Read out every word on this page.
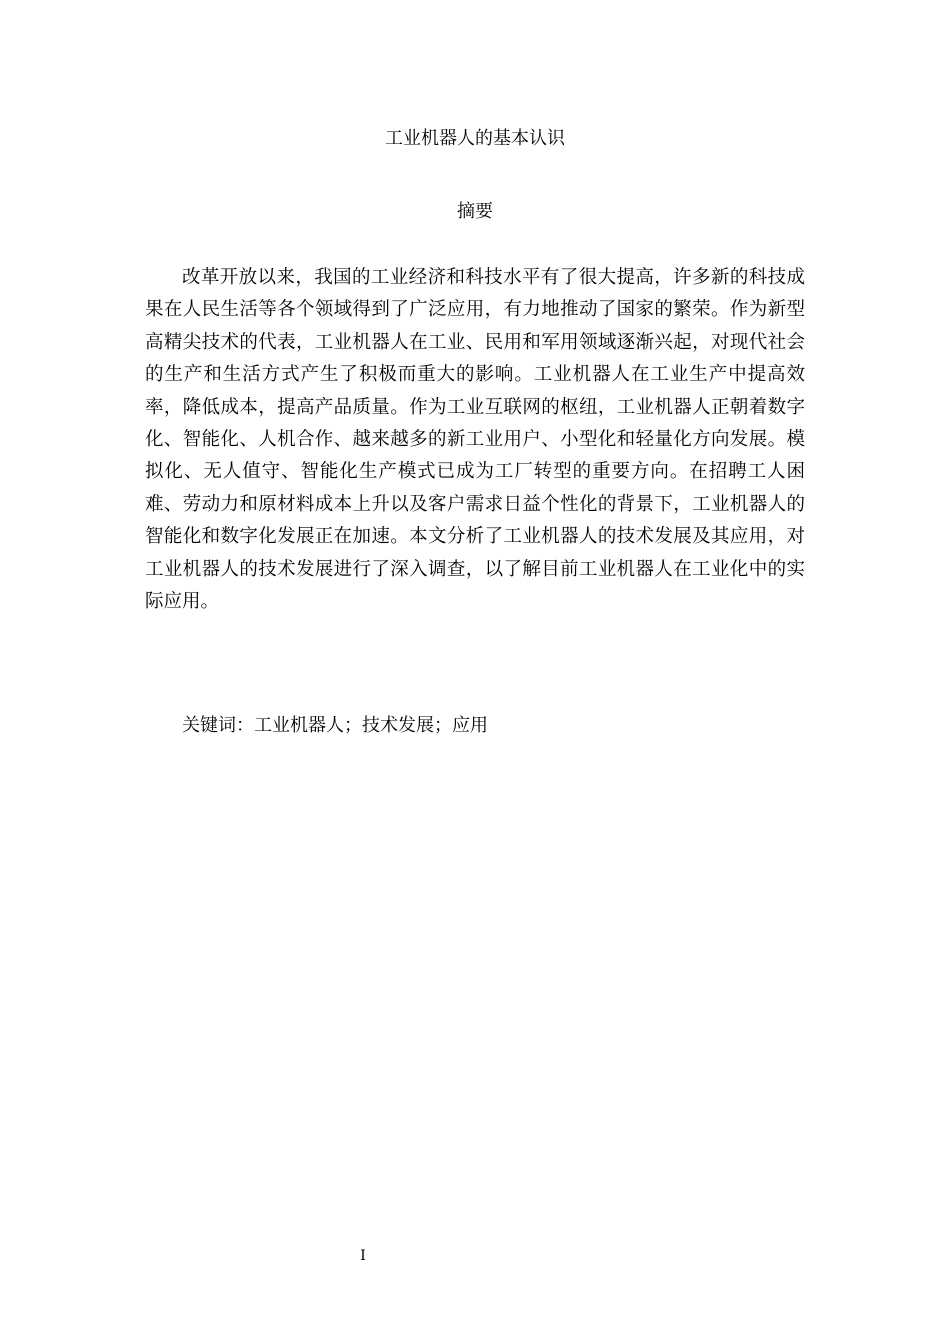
工业机器人的基本认识
摘要

改革开放以来，我国的工业经济和科技水平有了很大提高，许多新的科技成果在人民生活等各个领域得到了广泛应用，有力地推动了国家的繁荣。作为新型高精尖技术的代表，工业机器人在工业、民用和军用领域逐渐兴起，对现代社会的生产和生活方式产生了积极而重大的影响。工业机器人在工业生产中提高效率，降低成本，提高产品质量。作为工业互联网的枢纽，工业机器人正朝着数字化、智能化、人机合作、越来越多的新工业用户、小型化和轻量化方向发展。模拟化、无人值守、智能化生产模式已成为工厂转型的重要方向。在招聘工人困难、劳动力和原材料成本上升以及客户需求日益个性化的背景下，工业机器人的智能化和数字化发展正在加速。本文分析了工业机器人的技术发展及其应用，对工业机器人的技术发展进行了深入调查，以了解目前工业机器人在工业化中的实际应用。

关键词：工业机器人；技术发展；应用
I
